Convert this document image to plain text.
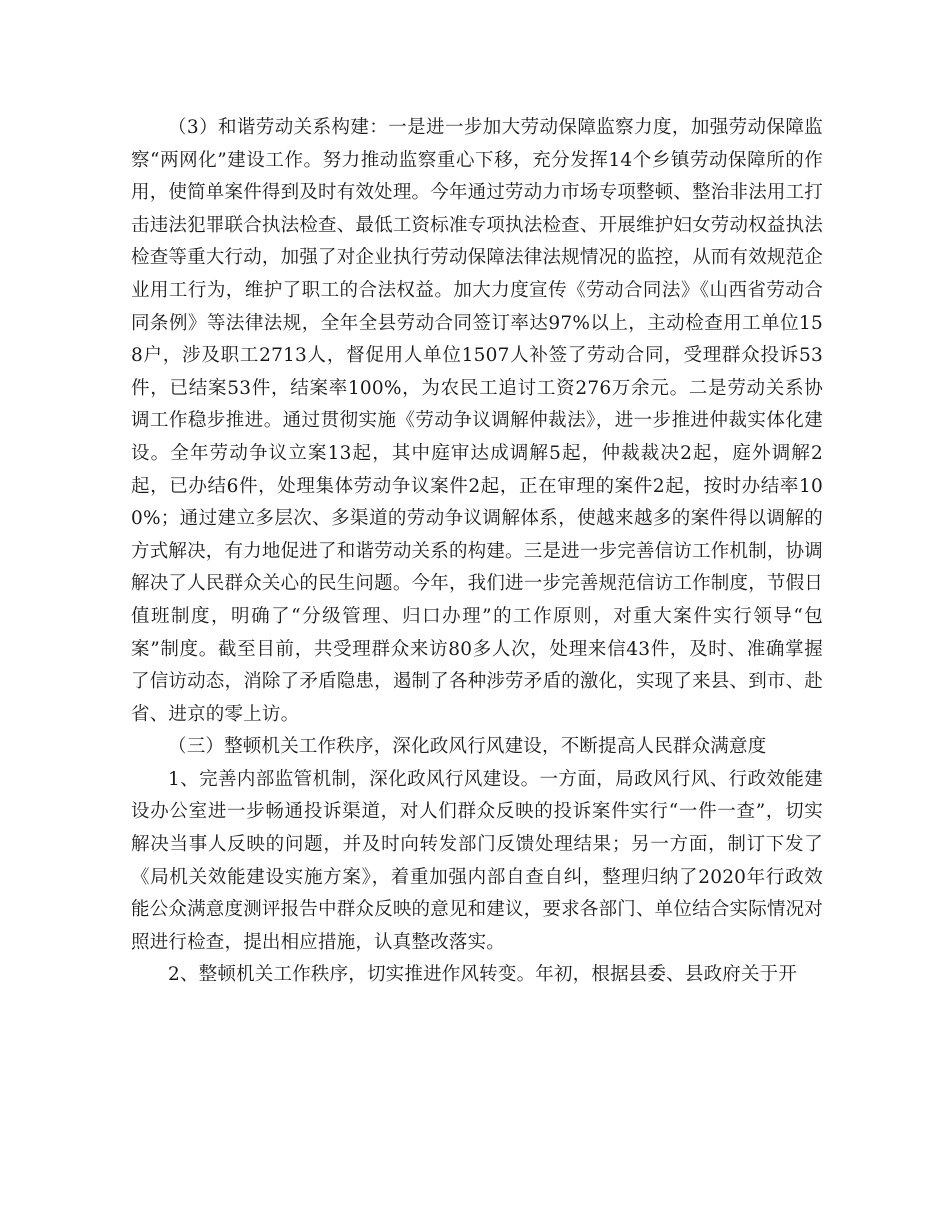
（3）和谐劳动关系构建：一是进一步加大劳动保障监察力度，加强劳动保障监察“两网化”建设工作。努力推动监察重心下移，充分发挥14个乡镇劳动保障所的作用，使简单案件得到及时有效处理。今年通过劳动力市场专项整顿、整治非法用工打击违法犯罪联合执法检查、最低工资标准专项执法检查、开展维护妇女劳动权益执法检查等重大行动，加强了对企业执行劳动保障法律法规情况的监控，从而有效规范企业用工行为，维护了职工的合法权益。加大力度宣传《劳动合同法》《山西省劳动合同条例》等法律法规，全年全县劳动合同签订率达97%以上，主动检查用工单位158户，涉及职工2713人，督促用人单位1507人补签了劳动合同，受理群众投诉53件，已结案53件，结案率100%，为农民工追讨工资276万余元。二是劳动关系协调工作稳步推进。通过贯彻实施《劳动争议调解仲裁法》，进一步推进仲裁实体化建设。全年劳动争议立案13起，其中庭审达成调解5起，仲裁裁决2起，庭外调解2起，已办结6件，处理集体劳动争议案件2起，正在审理的案件2起，按时办结率100%；通过建立多层次、多渠道的劳动争议调解体系，使越来越多的案件得以调解的方式解决，有力地促进了和谐劳动关系的构建。三是进一步完善信访工作机制，协调解决了人民群众关心的民生问题。今年，我们进一步完善规范信访工作制度，节假日值班制度，明确了“分级管理、归口办理”的工作原则，对重大案件实行领导“包案”制度。截至目前，共受理群众来访80多人次，处理来信43件，及时、准确掌握了信访动态，消除了矛盾隐患，遏制了各种涉劳矛盾的激化，实现了来县、到市、赴省、进京的零上访。

（三）整顿机关工作秩序，深化政风行风建设，不断提高人民群众满意度

1、完善内部监管机制，深化政风行风建设。一方面，局政风行风、行政效能建设办公室进一步畅通投诉渠道，对人们群众反映的投诉案件实行“一件一查”，切实解决当事人反映的问题，并及时向转发部门反馈处理结果；另一方面，制订下发了《局机关效能建设实施方案》，着重加强内部自查自纠，整理归纳了2020年行政效能公众满意度测评报告中群众反映的意见和建议，要求各部门、单位结合实际情况对照进行检查，提出相应措施，认真整改落实。

2、整顿机关工作秩序，切实推进作风转变。年初，根据县委、县政府关于开
